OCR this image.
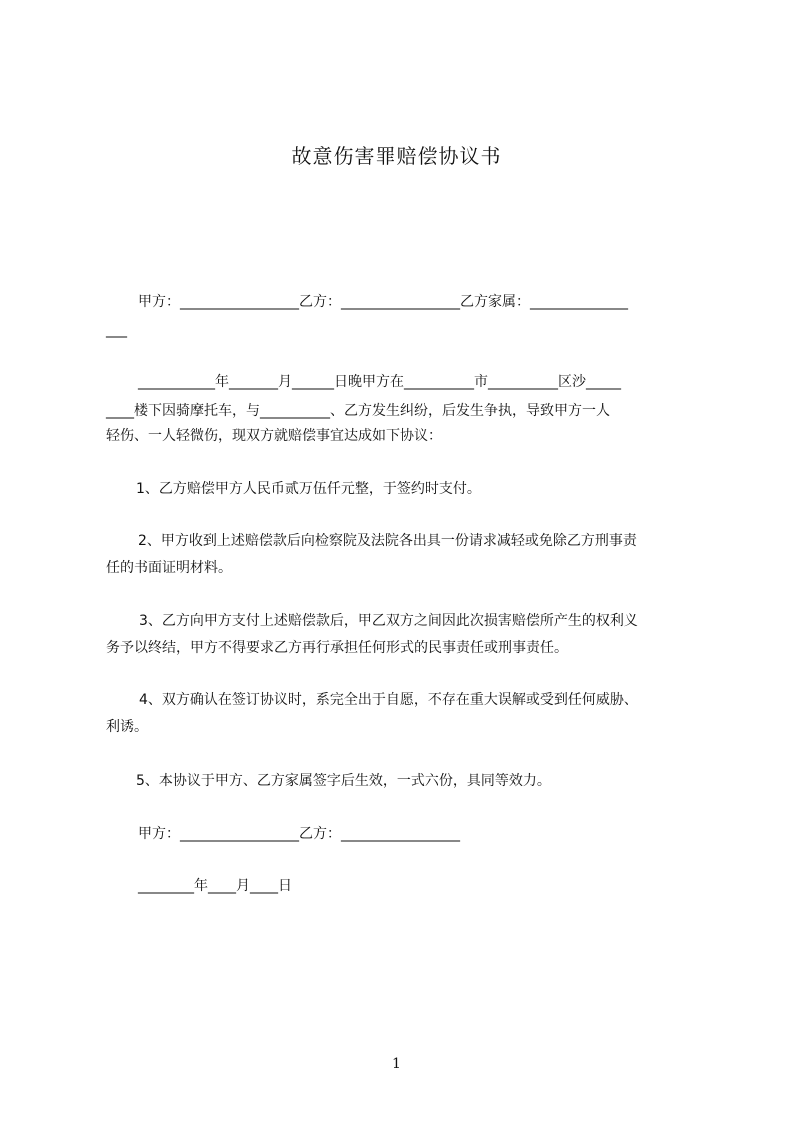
故意伤害罪赔偿协议书
甲方：_________________乙方：_________________乙方家属：______________
___
___________年_______月______日晚甲方在__________市__________区沙_____
____楼下因骑摩托车，与__________、乙方发生纠纷，后发生争执，导致甲方一人
轻伤、一人轻微伤，现双方就赔偿事宜达成如下协议：
1、乙方赔偿甲方人民币贰万伍仟元整，于签约时支付。
2、甲方收到上述赔偿款后向检察院及法院各出具一份请求减轻或免除乙方刑事责
任的书面证明材料。
3、乙方向甲方支付上述赔偿款后，甲乙双方之间因此次损害赔偿所产生的权利义
务予以终结，甲方不得要求乙方再行承担任何形式的民事责任或刑事责任。
4、双方确认在签订协议时，系完全出于自愿，不存在重大误解或受到任何威胁、
利诱。
5、本协议于甲方、乙方家属签字后生效，一式六份，具同等效力。
甲方：_________________乙方：_________________
________年____月____日
1
